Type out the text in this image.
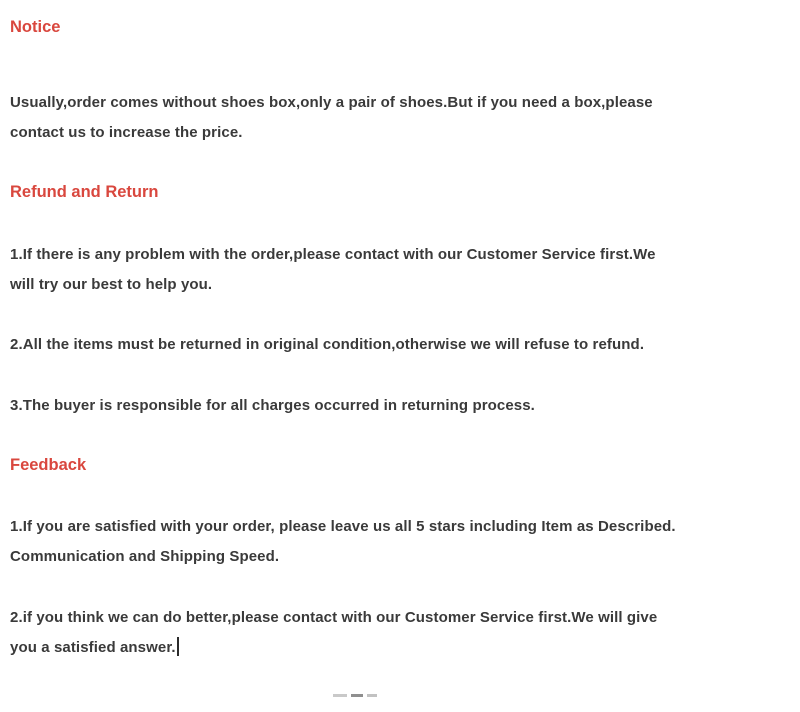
Notice
Usually,order comes without shoes box,only a pair of shoes.But if you need a box,please
contact us to increase the price.
Refund and Return
1.If there is any problem with the order,please contact with our Customer Service first.We
will try our best to help you.
2.All the items must be returned in original condition,otherwise we will refuse to refund.
3.The buyer is responsible for all charges occurred in returning process.
Feedback
1.If you are satisfied with your order, please leave us all 5 stars including Item as Described.
Communication and Shipping Speed.
2.if you think we can do better,please contact with our Customer Service first.We will give
you a satisfied answer.
